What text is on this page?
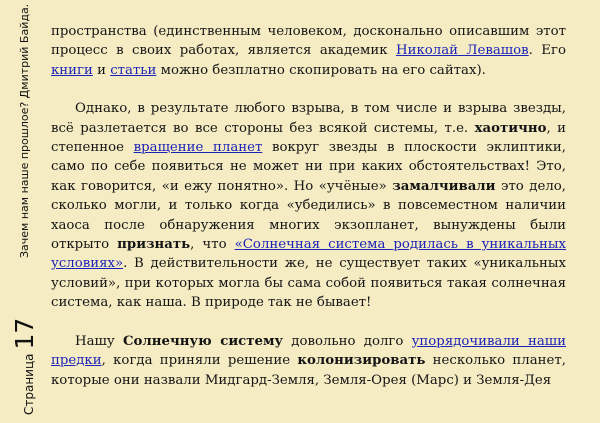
Зачем нам наше прошлое? Дмитрий Байда.
Страница17

пространства (единственным человеком, досконально описавшим этот процесс в своих работах, является академик Николай Левашов. Его книги и статьи можно безплатно скопировать на его сайтах).

Однако, в результате любого взрыва, в том числе и взрыва звезды, всё разлетается во все стороны без всякой системы, т.е. хаотично, и степенное вращение планет вокруг звезды в плоскости эклиптики, само по себе появиться не может ни при каких обстоятельствах! Это, как говорится, «и ежу понятно». Но «учёные» замалчивали это дело, сколько могли, и только когда «убедились» в повсеместном наличии хаоса после обнаружения многих экзопланет, вынуждены были открыто признать, что «Солнечная система родилась в уникальных условиях». В действительности же, не существует таких «уникальных условий», при которых могла бы сама собой появиться такая солнечная система, как наша. В природе так не бывает!

Нашу Солнечную систему довольно долго упорядочивали наши предки, когда приняли решение колонизировать несколько планет, которые они назвали Мидгард-Земля, Земля-Орея (Марс) и Земля-Дея
